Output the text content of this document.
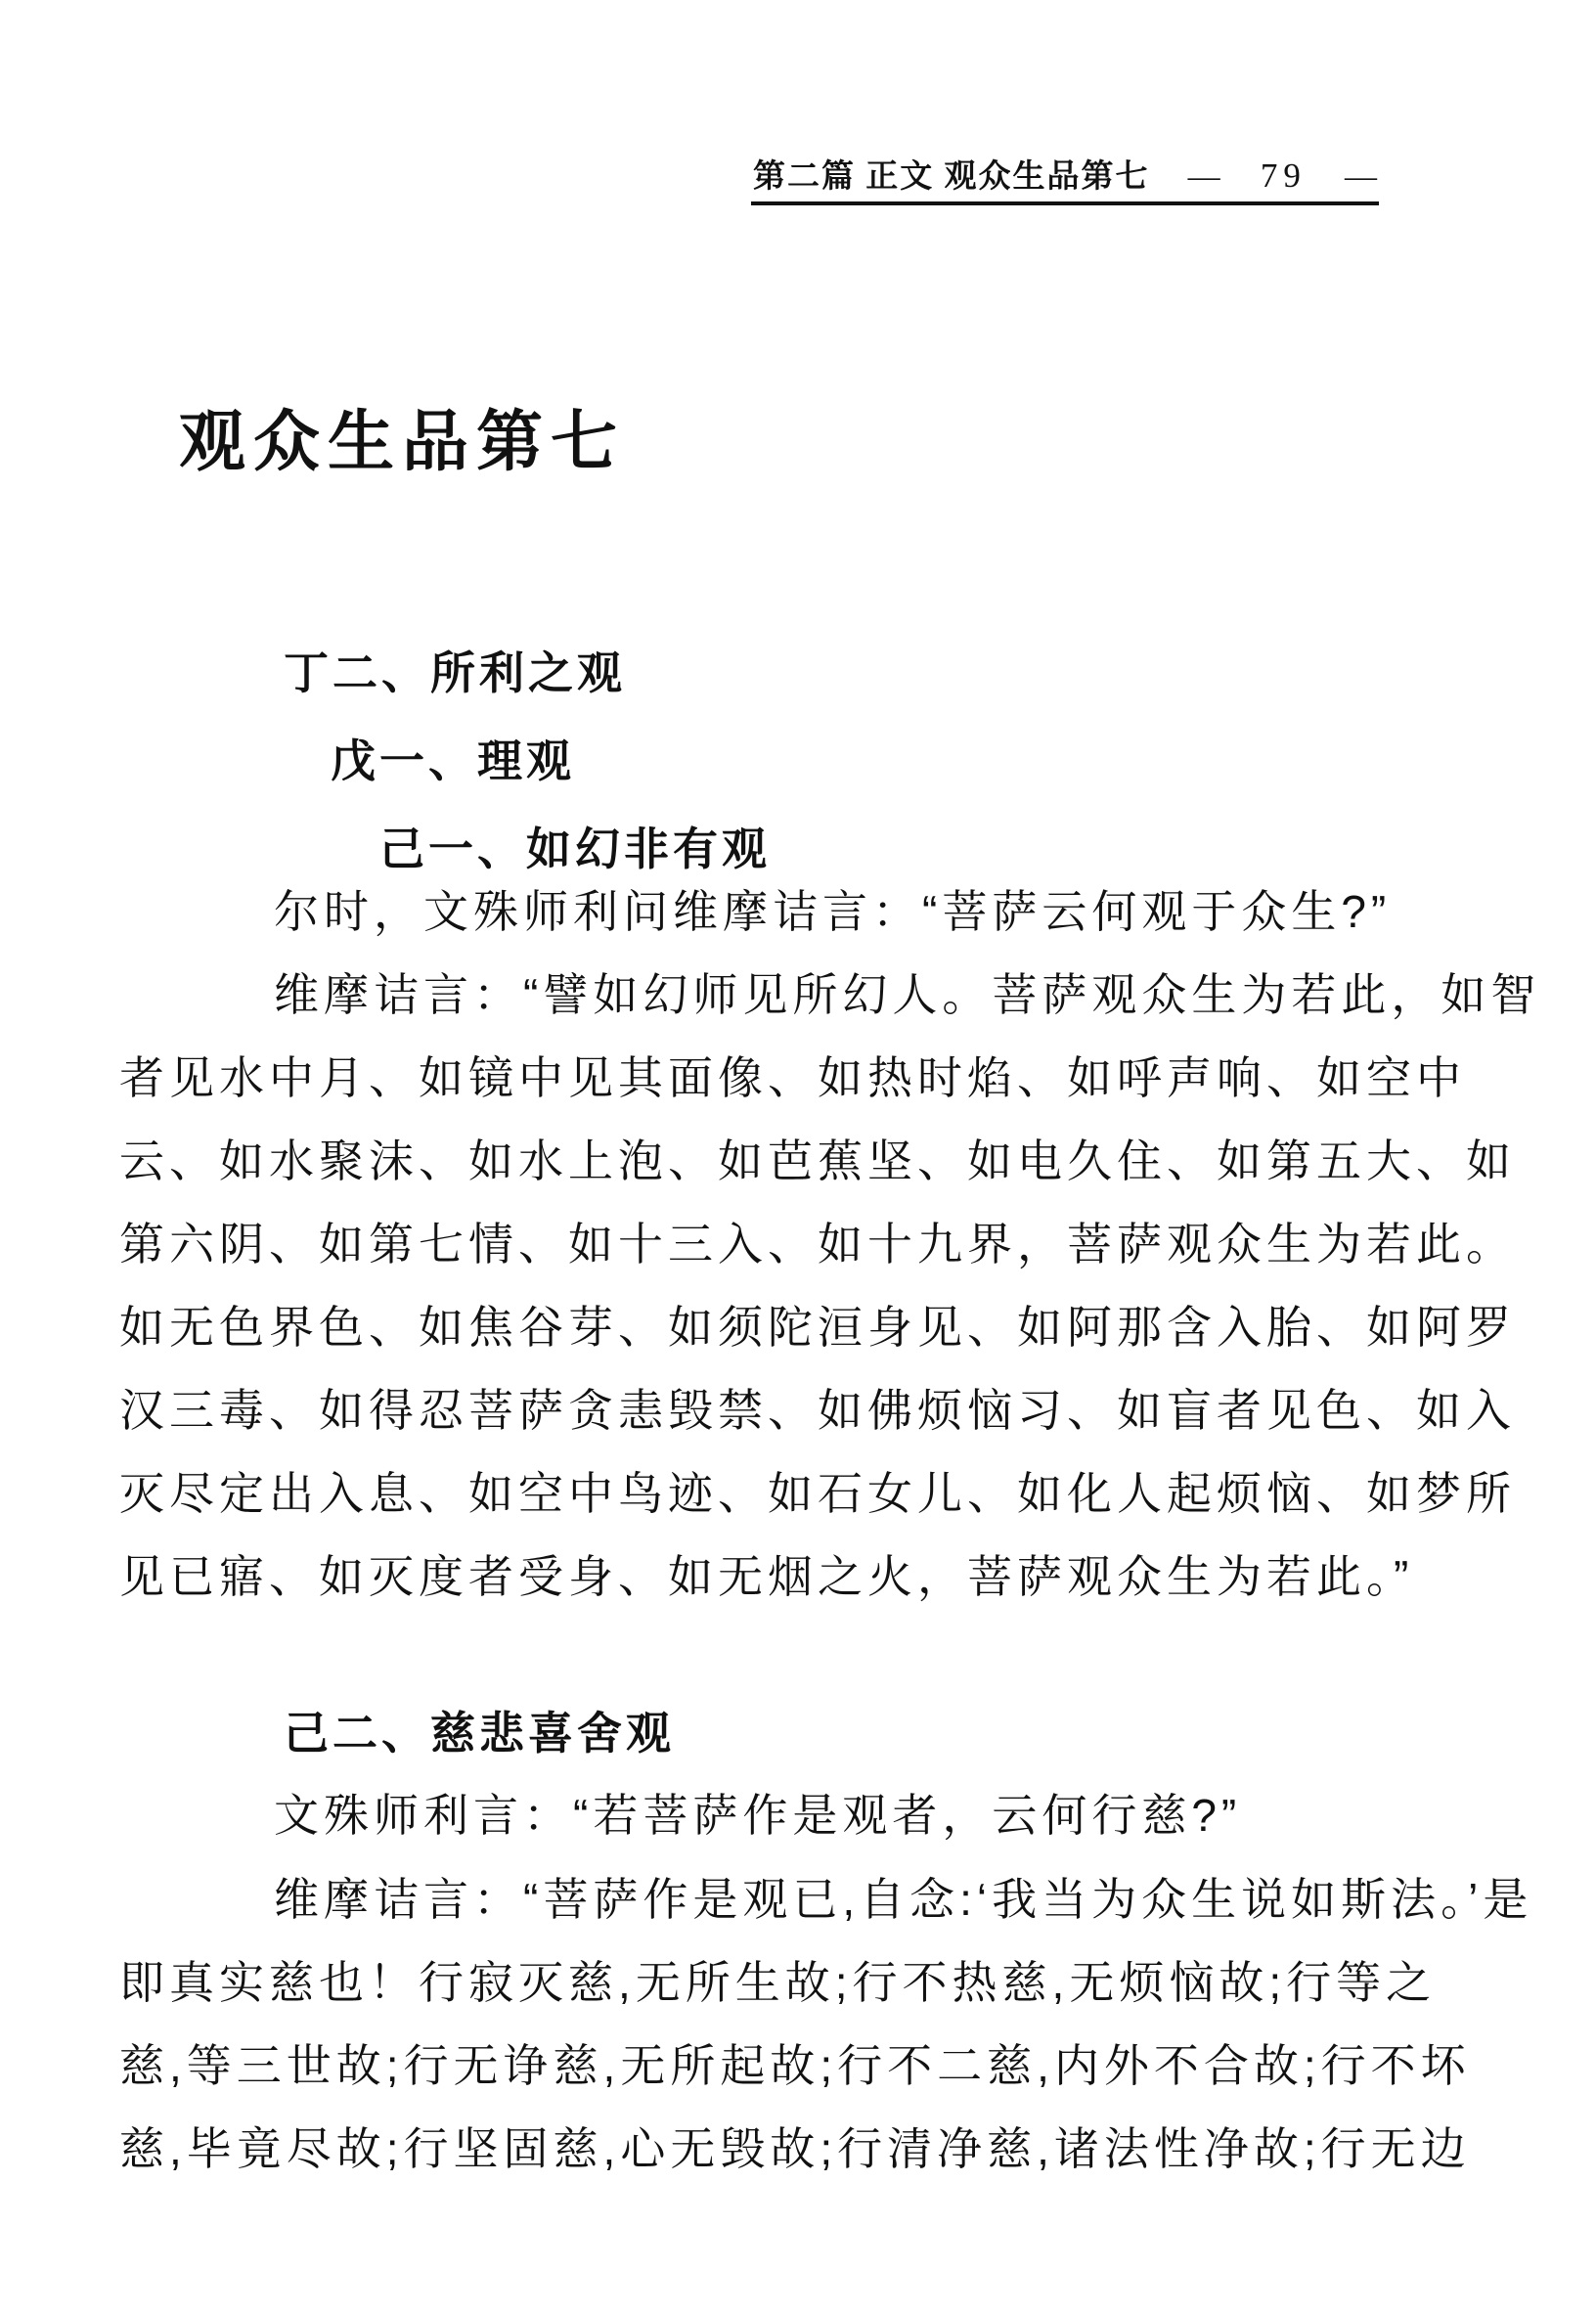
第二篇 正文 观众生品第七 — 79 —
观众生品第七
丁二、所利之观
戊一、理观
己一、如幻非有观
尔时，文殊师利问维摩诘言：“菩萨云何观于众生?”
维摩诘言：“譬如幻师见所幻人。菩萨观众生为若此，如智
者见水中月、如镜中见其面像、如热时焰、如呼声响、如空中
云、如水聚沫、如水上泡、如芭蕉坚、如电久住、如第五大、如
第六阴、如第七情、如十三入、如十九界，菩萨观众生为若此。
如无色界色、如焦谷芽、如须陀洹身见、如阿那含入胎、如阿罗
汉三毒、如得忍菩萨贪恚毁禁、如佛烦恼习、如盲者见色、如入
灭尽定出入息、如空中鸟迹、如石女儿、如化人起烦恼、如梦所
见已寤、如灭度者受身、如无烟之火，菩萨观众生为若此。”
己二、慈悲喜舍观
文殊师利言：“若菩萨作是观者，云何行慈?”
维摩诘言：“菩萨作是观已,自念:‘我当为众生说如斯法。’是
即真实慈也！行寂灭慈,无所生故;行不热慈,无烦恼故;行等之
慈,等三世故;行无诤慈,无所起故;行不二慈,内外不合故;行不坏
慈,毕竟尽故;行坚固慈,心无毁故;行清净慈,诸法性净故;行无边
